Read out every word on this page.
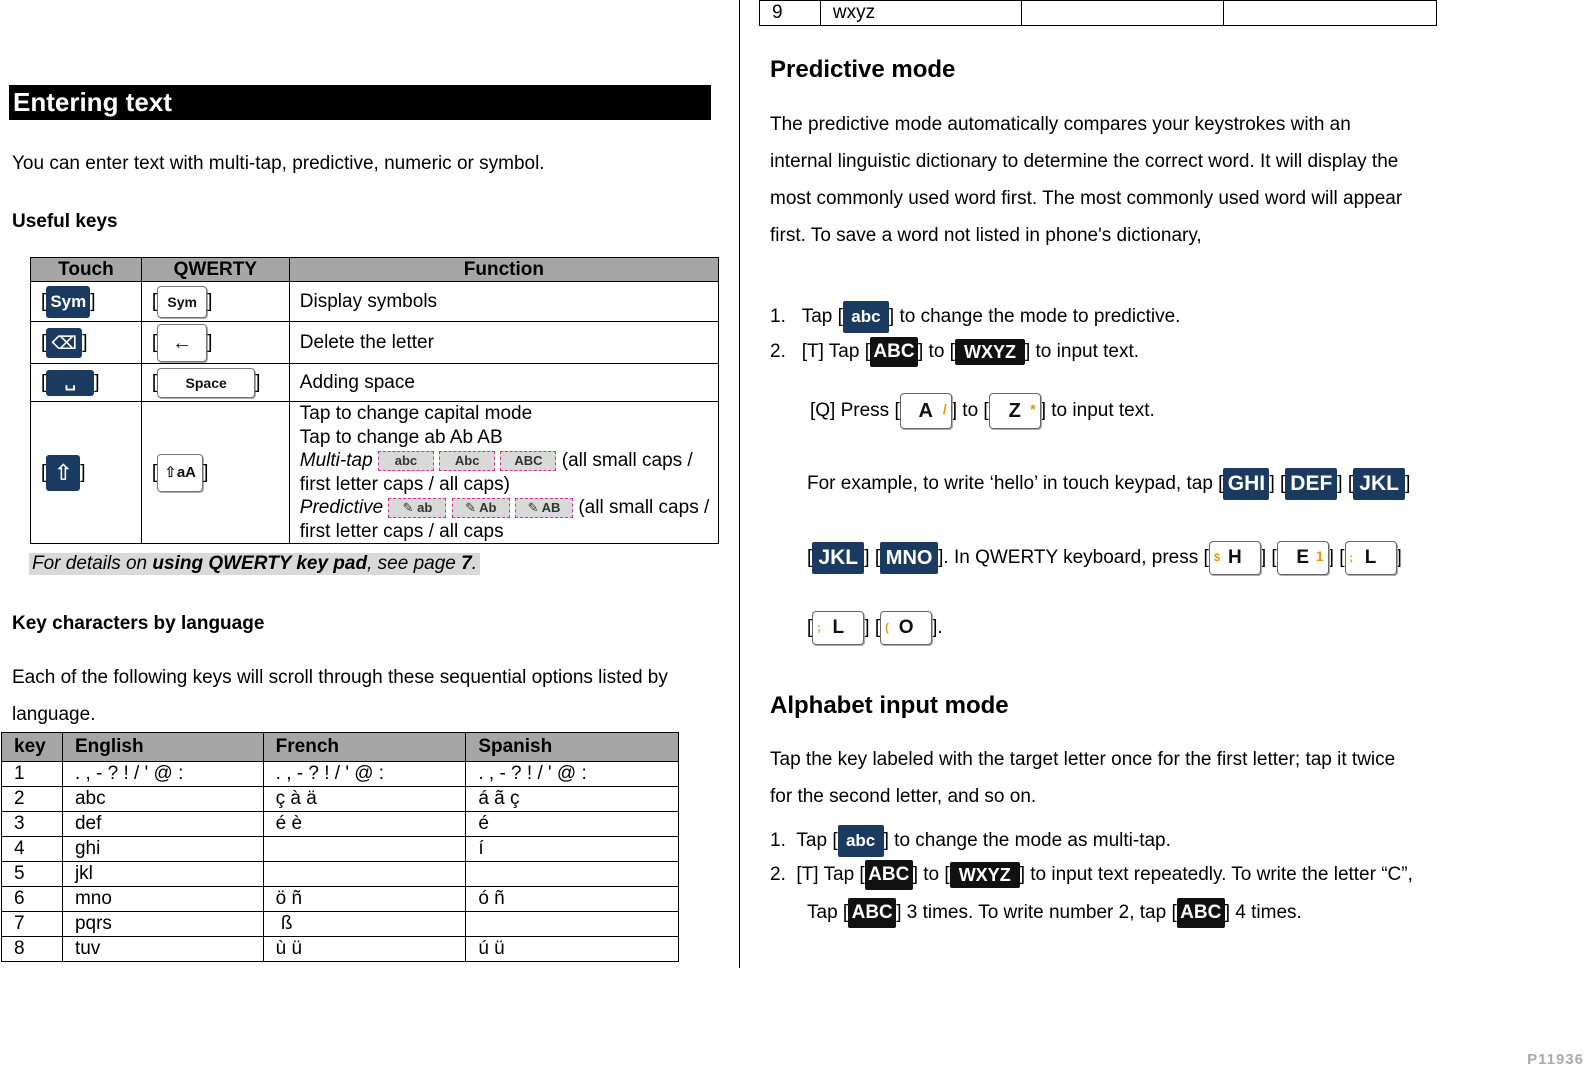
Entering text
You can enter text with multi-tap, predictive, numeric or symbol.
Useful keys
Touch	QWERTY	Function
[ Sym ]	[ Sym ]	Display symbols
[ ⌫ ]	[ ← ]	Delete the letter
[ ␣ ]	[ Space ]	Adding space
[ ⇧ ]	[ ⇧aA ]	Tap to change capital mode
Tap to change ab Ab AB
Multi-tap abc Abc ABC (all small caps / first letter caps / all caps)
Predictive ✎ ab ✎ Ab ✎ AB (all small caps / first letter caps / all caps
For details on using QWERTY key pad, see page 7.
Key characters by language
Each of the following keys will scroll through these sequential options listed by language.
key	English	French	Spanish
1	. , - ? ! / ' @ :	. , - ? ! / ' @ :	. , - ? ! / ' @ :
2	abc	ç à ä	á ã ç
3	def	é è	é
4	ghi		í
5	jkl		
6	mno	ö ñ	ó ñ
7	pqrs	ß	
8	tuv	ù ü	ú ü
9	wxyz		
Predictive mode
The predictive mode automatically compares your keystrokes with an
internal linguistic dictionary to determine the correct word. It will display the
most commonly used word first. The most commonly used word will appear
first. To save a word not listed in phone's dictionary,
1. Tap [ abc ] to change the mode to predictive.
2. [T] Tap [ ABC ] to [ WXYZ ] to input text.
[Q] Press [ A / ] to [ Z * ] to input text.
For example, to write ‘hello’ in touch keypad, tap [ GHI ] [ DEF ] [ JKL ]
[ JKL ] [ MNO ]. In QWERTY keyboard, press [ $ H ] [ E 1 ] [ ; L ]
[ ; L ] [ ( O ].
Alphabet input mode
Tap the key labeled with the target letter once for the first letter; tap it twice
for the second letter, and so on.
1. Tap [ abc ] to change the mode as multi-tap.
2. [T] Tap [ ABC ] to [ WXYZ ] to input text repeatedly. To write the letter “C”,
Tap [ ABC ] 3 times. To write number 2, tap [ ABC ] 4 times.
P11936
